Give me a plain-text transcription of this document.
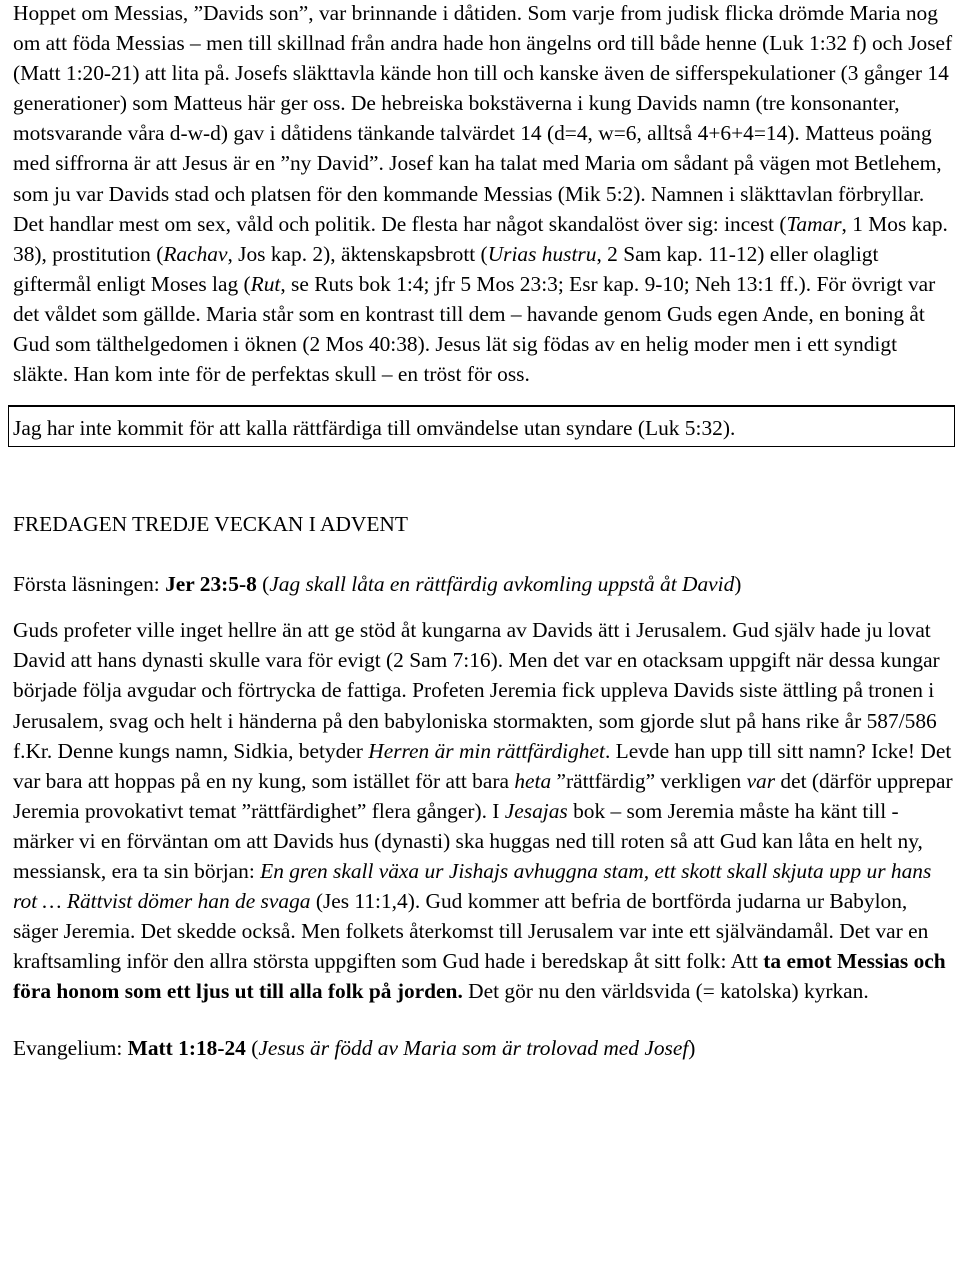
Hoppet om Messias, ”Davids son”, var brinnande i dåtiden. Som varje from judisk flicka drömde Maria nog om att föda Messias – men till skillnad från andra hade hon ängelns ord till både henne (Luk 1:32 f) och Josef (Matt 1:20-21) att lita på. Josefs släkttavla kände hon till och kanske även de sifferspekulationer (3 gånger 14 generationer) som Matteus här ger oss. De hebreiska bokstäverna i kung Davids namn (tre konsonanter, motsvarande våra d-w-d) gav i dåtidens tänkande talvärdet 14 (d=4, w=6, alltså 4+6+4=14). Matteus poäng med siffrorna är att Jesus är en ”ny David”. Josef kan ha talat med Maria om sådant på vägen mot Betlehem, som ju var Davids stad och platsen för den kommande Messias (Mik 5:2). Namnen i släkttavlan förbryllar. Det handlar mest om sex, våld och politik. De flesta har något skandalöst över sig: incest (Tamar, 1 Mos kap. 38), prostitution (Rachav, Jos kap. 2), äktenskapsbrott (Urias hustru, 2 Sam kap. 11-12) eller olagligt giftermål enligt Moses lag (Rut, se Ruts bok 1:4; jfr 5 Mos 23:3; Esr kap. 9-10; Neh 13:1 ff.). För övrigt var det våldet som gällde. Maria står som en kontrast till dem – havande genom Guds egen Ande, en boning åt Gud som tälthelgedomen i öknen (2 Mos 40:38). Jesus lät sig födas av en helig moder men i ett syndigt släkte. Han kom inte för de perfektas skull – en tröst för oss.

Jag har inte kommit för att kalla rättfärdiga till omvändelse utan syndare (Luk 5:32).

FREDAGEN TREDJE VECKAN I ADVENT

Första läsningen: Jer 23:5-8 (Jag skall låta en rättfärdig avkomling uppstå åt David)

Guds profeter ville inget hellre än att ge stöd åt kungarna av Davids ätt i Jerusalem. Gud själv hade ju lovat David att hans dynasti skulle vara för evigt (2 Sam 7:16). Men det var en otacksam uppgift när dessa kungar började följa avgudar och förtrycka de fattiga. Profeten Jeremia fick uppleva Davids siste ättling på tronen i Jerusalem, svag och helt i händerna på den babyloniska stormakten, som gjorde slut på hans rike år 587/586 f.Kr. Denne kungs namn, Sidkia, betyder Herren är min rättfärdighet. Levde han upp till sitt namn? Icke! Det var bara att hoppas på en ny kung, som istället för att bara heta ”rättfärdig” verkligen var det (därför upprepar Jeremia provokativt temat ”rättfärdighet” flera gånger). I Jesajas bok – som Jeremia måste ha känt till - märker vi en förväntan om att Davids hus (dynasti) ska huggas ned till roten så att Gud kan låta en helt ny, messiansk, era ta sin början: En gren skall växa ur Jishajs avhuggna stam, ett skott skall skjuta upp ur hans rot … Rättvist dömer han de svaga (Jes 11:1,4). Gud kommer att befria de bortförda judarna ur Babylon, säger Jeremia. Det skedde också. Men folkets återkomst till Jerusalem var inte ett självändamål. Det var en kraftsamling inför den allra största uppgiften som Gud hade i beredskap åt sitt folk: Att ta emot Messias och föra honom som ett ljus ut till alla folk på jorden. Det gör nu den världsvida (= katolska) kyrkan.

Evangelium: Matt 1:18-24 (Jesus är född av Maria som är trolovad med Josef)
